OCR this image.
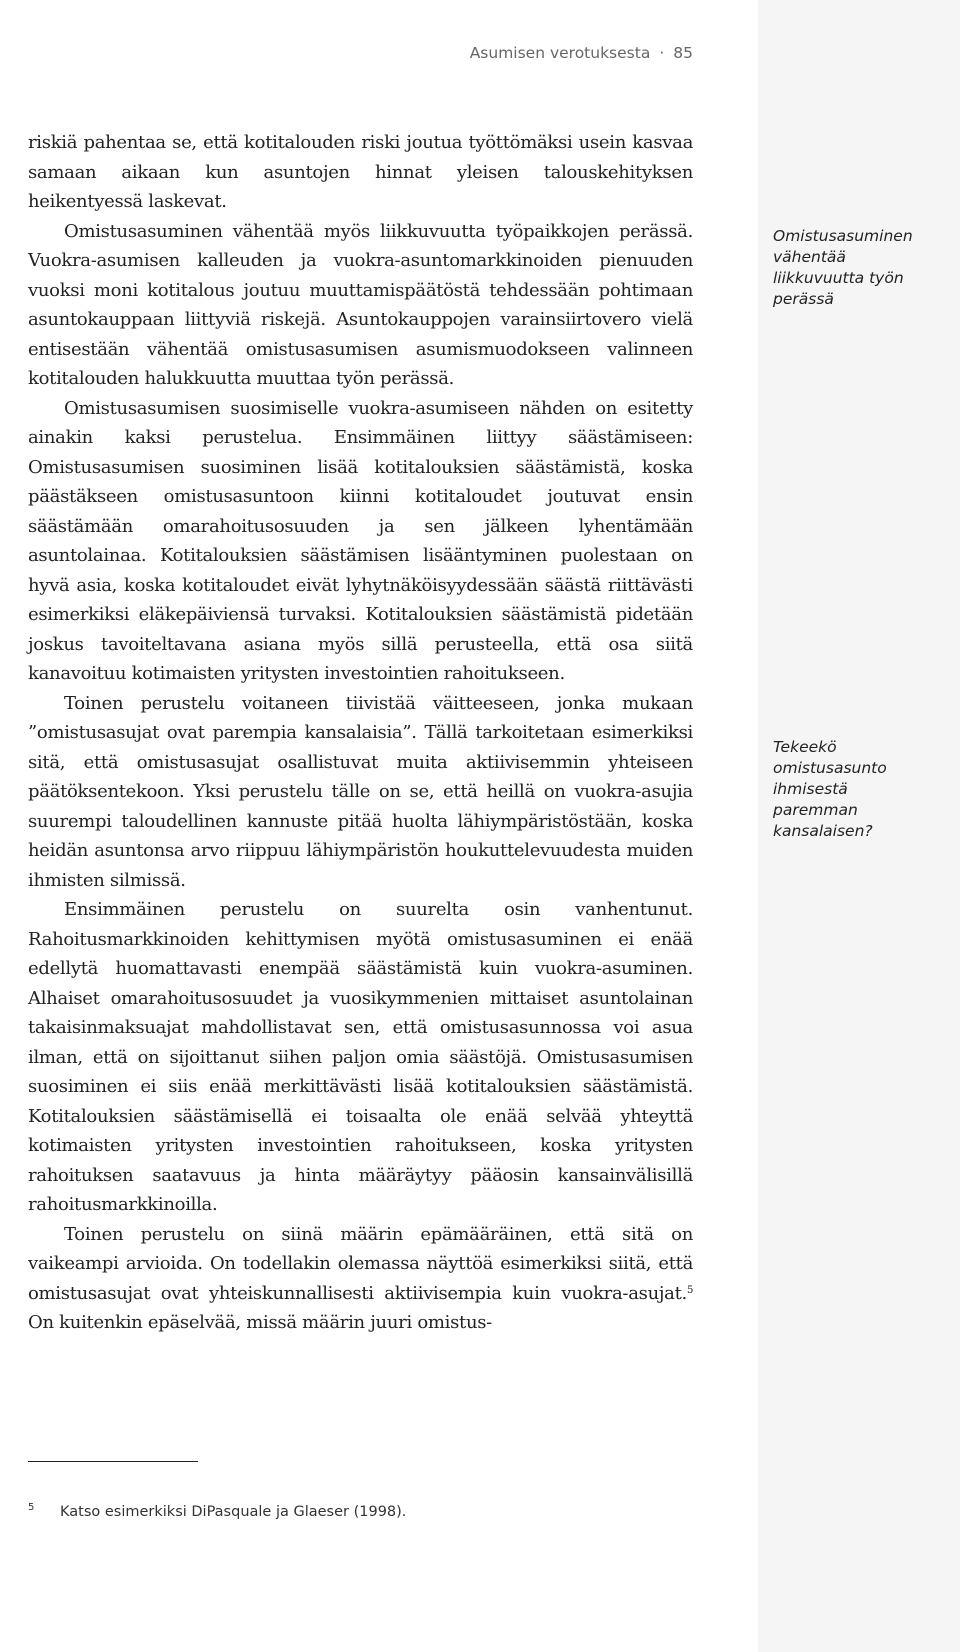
Asumisen verotuksesta · 85

riskiä pahentaa se, että kotitalouden riski joutua työttömäksi usein kasvaa samaan aikaan kun asuntojen hinnat yleisen talouskehityksen heikentyessä laskevat.

Omistusasuminen vähentää myös liikkuvuutta työpaikkojen perässä. Vuokra-asumisen kalleuden ja vuokra-asuntomarkkinoiden pienuuden vuoksi moni kotitalous joutuu muuttamispäätöstä tehdessään pohtimaan asuntokauppaan liittyviä riskejä. Asuntokauppojen varainsiirtovero vielä entisestään vähentää omistusasumisen asumismuodokseen valinneen kotitalouden halukkuutta muuttaa työn perässä.

Omistusasumisen suosimiselle vuokra-asumiseen nähden on esitetty ainakin kaksi perustelua. Ensimmäinen liittyy säästämiseen: Omistusasumisen suosiminen lisää kotitalouksien säästämistä, koska päästäkseen omistusasuntoon kiinni kotitaloudet joutuvat ensin säästämään omarahoitusosuuden ja sen jälkeen lyhentämään asuntolainaa. Kotitalouksien säästämisen lisääntyminen puolestaan on hyvä asia, koska kotitaloudet eivät lyhytnäköisyydessään säästä riittävästi esimerkiksi eläkepäiviensä turvaksi. Kotitalouksien säästämistä pidetään joskus tavoiteltavana asiana myös sillä perusteella, että osa siitä kanavoituu kotimaisten yritysten investointien rahoitukseen.

Toinen perustelu voitaneen tiivistää väitteeseen, jonka mukaan ”omistusasujat ovat parempia kansalaisia”. Tällä tarkoitetaan esimerkiksi sitä, että omistusasujat osallistuvat muita aktiivisemmin yhteiseen päätöksentekoon. Yksi perustelu tälle on se, että heillä on vuokra-asujia suurempi taloudellinen kannuste pitää huolta lähiympäristöstään, koska heidän asuntonsa arvo riippuu lähiympäristön houkuttelevuudesta muiden ihmisten silmissä.

Ensimmäinen perustelu on suurelta osin vanhentunut. Rahoitusmarkkinoiden kehittymisen myötä omistusasuminen ei enää edellytä huomattavasti enempää säästämistä kuin vuokra-asuminen. Alhaiset omarahoitusosuudet ja vuosikymmenien mittaiset asuntolainan takaisinmaksuajat mahdollistavat sen, että omistusasunnossa voi asua ilman, että on sijoittanut siihen paljon omia säästöjä. Omistusasumisen suosiminen ei siis enää merkittävästi lisää kotitalouksien säästämistä. Kotitalouksien säästämisellä ei toisaalta ole enää selvää yhteyttä kotimaisten yritysten investointien rahoitukseen, koska yritysten rahoituksen saatavuus ja hinta määräytyy pääosin kansainvälisillä rahoitusmarkkinoilla.

Toinen perustelu on siinä määrin epämääräinen, että sitä on vaikeampi arvioida. On todellakin olemassa näyttöä esimerkiksi siitä, että omistusasujat ovat yhteiskunnallisesti aktiivisempia kuin vuokra-asujat.$^5$ On kuitenkin epäselvää, missä määrin juuri omistus-

Omistusasuminen vähentää liikkuvuutta työn perässä
Tekeekö omistusasunto ihmisestä paremman kansalaisen?
5 Katso esimerkiksi DiPasquale ja Glaeser (1998).
